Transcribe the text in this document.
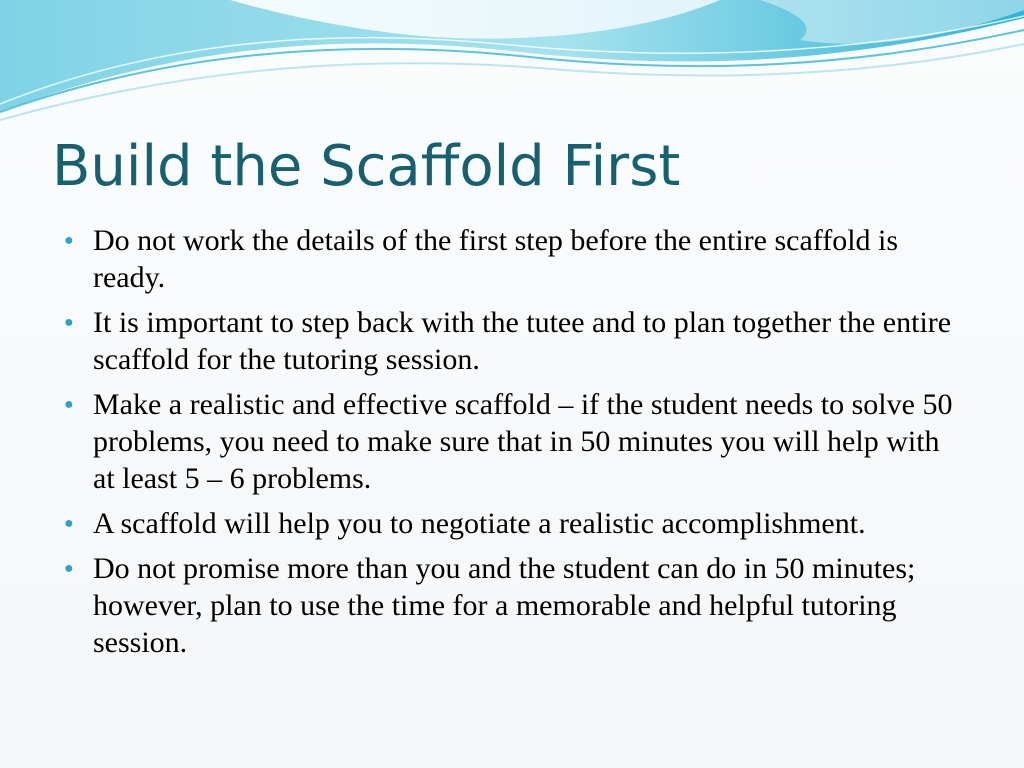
Build the Scaffold First
● Do not work the details of the first step before the entire scaffold is ready.
● It is important to step back with the tutee and to plan together the entire scaffold for the tutoring session.
● Make a realistic and effective scaffold – if the student needs to solve 50 problems, you need to make sure that in 50 minutes you will help with at least 5 – 6 problems.
● A scaffold will help you to negotiate a realistic accomplishment.
● Do not promise more than you and the student can do in 50 minutes; however, plan to use the time for a memorable and helpful tutoring session.
